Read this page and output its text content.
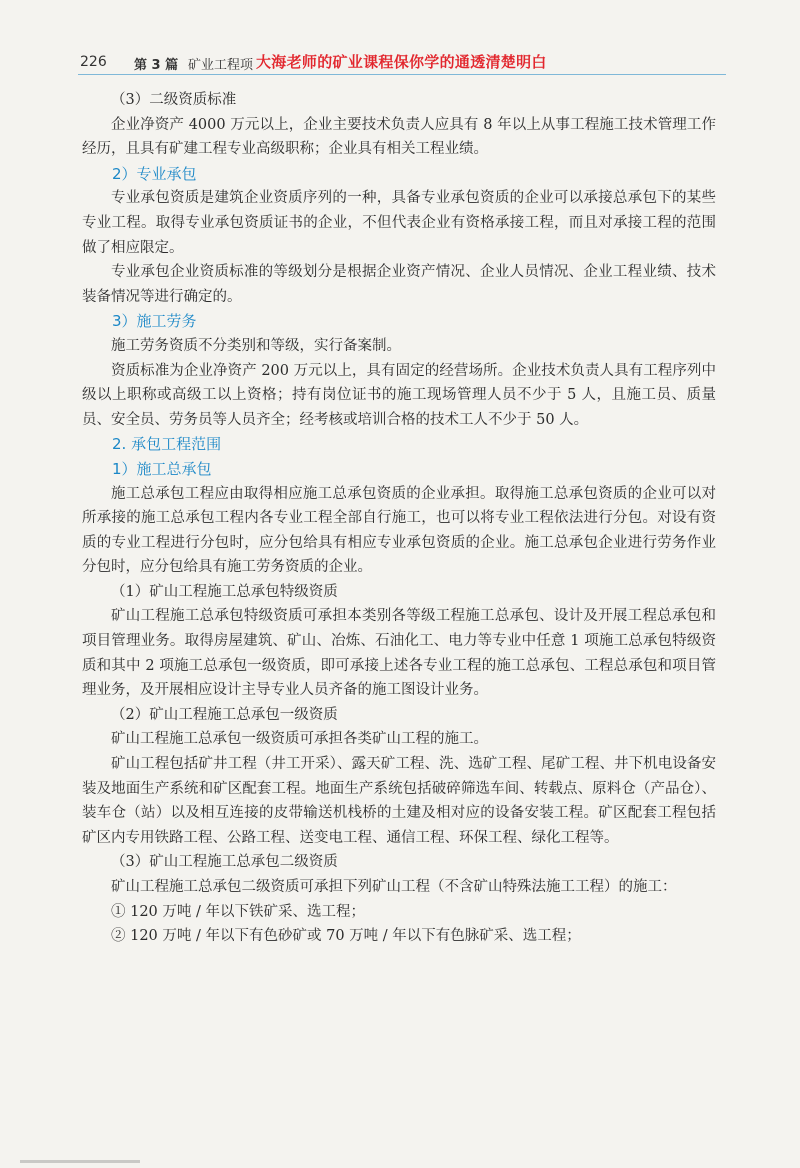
226 第 3 篇 矿业工程项 大海老师的矿业课程保你学的通透清楚明白

（3）二级资质标准

企业净资产 4000 万元以上，企业主要技术负责人应具有 8 年以上从事工程施工技术管理工作经历，且具有矿建工程专业高级职称；企业具有相关工程业绩。

2）专业承包

专业承包资质是建筑企业资质序列的一种，具备专业承包资质的企业可以承接总承包下的某些专业工程。取得专业承包资质证书的企业，不但代表企业有资格承接工程，而且对承接工程的范围做了相应限定。

专业承包企业资质标准的等级划分是根据企业资产情况、企业人员情况、企业工程业绩、技术装备情况等进行确定的。

3）施工劳务

施工劳务资质不分类别和等级，实行备案制。

资质标准为企业净资产 200 万元以上，具有固定的经营场所。企业技术负责人具有工程序列中级以上职称或高级工以上资格；持有岗位证书的施工现场管理人员不少于 5 人，且施工员、质量员、安全员、劳务员等人员齐全；经考核或培训合格的技术工人不少于 50 人。

2. 承包工程范围

1）施工总承包

施工总承包工程应由取得相应施工总承包资质的企业承担。取得施工总承包资质的企业可以对所承接的施工总承包工程内各专业工程全部自行施工，也可以将专业工程依法进行分包。对设有资质的专业工程进行分包时，应分包给具有相应专业承包资质的企业。施工总承包企业进行劳务作业分包时，应分包给具有施工劳务资质的企业。

（1）矿山工程施工总承包特级资质

矿山工程施工总承包特级资质可承担本类别各等级工程施工总承包、设计及开展工程总承包和项目管理业务。取得房屋建筑、矿山、冶炼、石油化工、电力等专业中任意 1 项施工总承包特级资质和其中 2 项施工总承包一级资质，即可承接上述各专业工程的施工总承包、工程总承包和项目管理业务，及开展相应设计主导专业人员齐备的施工图设计业务。

（2）矿山工程施工总承包一级资质

矿山工程施工总承包一级资质可承担各类矿山工程的施工。

矿山工程包括矿井工程（井工开采）、露天矿工程、洗、选矿工程、尾矿工程、井下机电设备安装及地面生产系统和矿区配套工程。地面生产系统包括破碎筛选车间、转载点、原料仓（产品仓）、装车仓（站）以及相互连接的皮带输送机栈桥的土建及相对应的设备安装工程。矿区配套工程包括矿区内专用铁路工程、公路工程、送变电工程、通信工程、环保工程、绿化工程等。

（3）矿山工程施工总承包二级资质

矿山工程施工总承包二级资质可承担下列矿山工程（不含矿山特殊法施工工程）的施工：

① 120 万吨 / 年以下铁矿采、选工程；

② 120 万吨 / 年以下有色砂矿或 70 万吨 / 年以下有色脉矿采、选工程；
